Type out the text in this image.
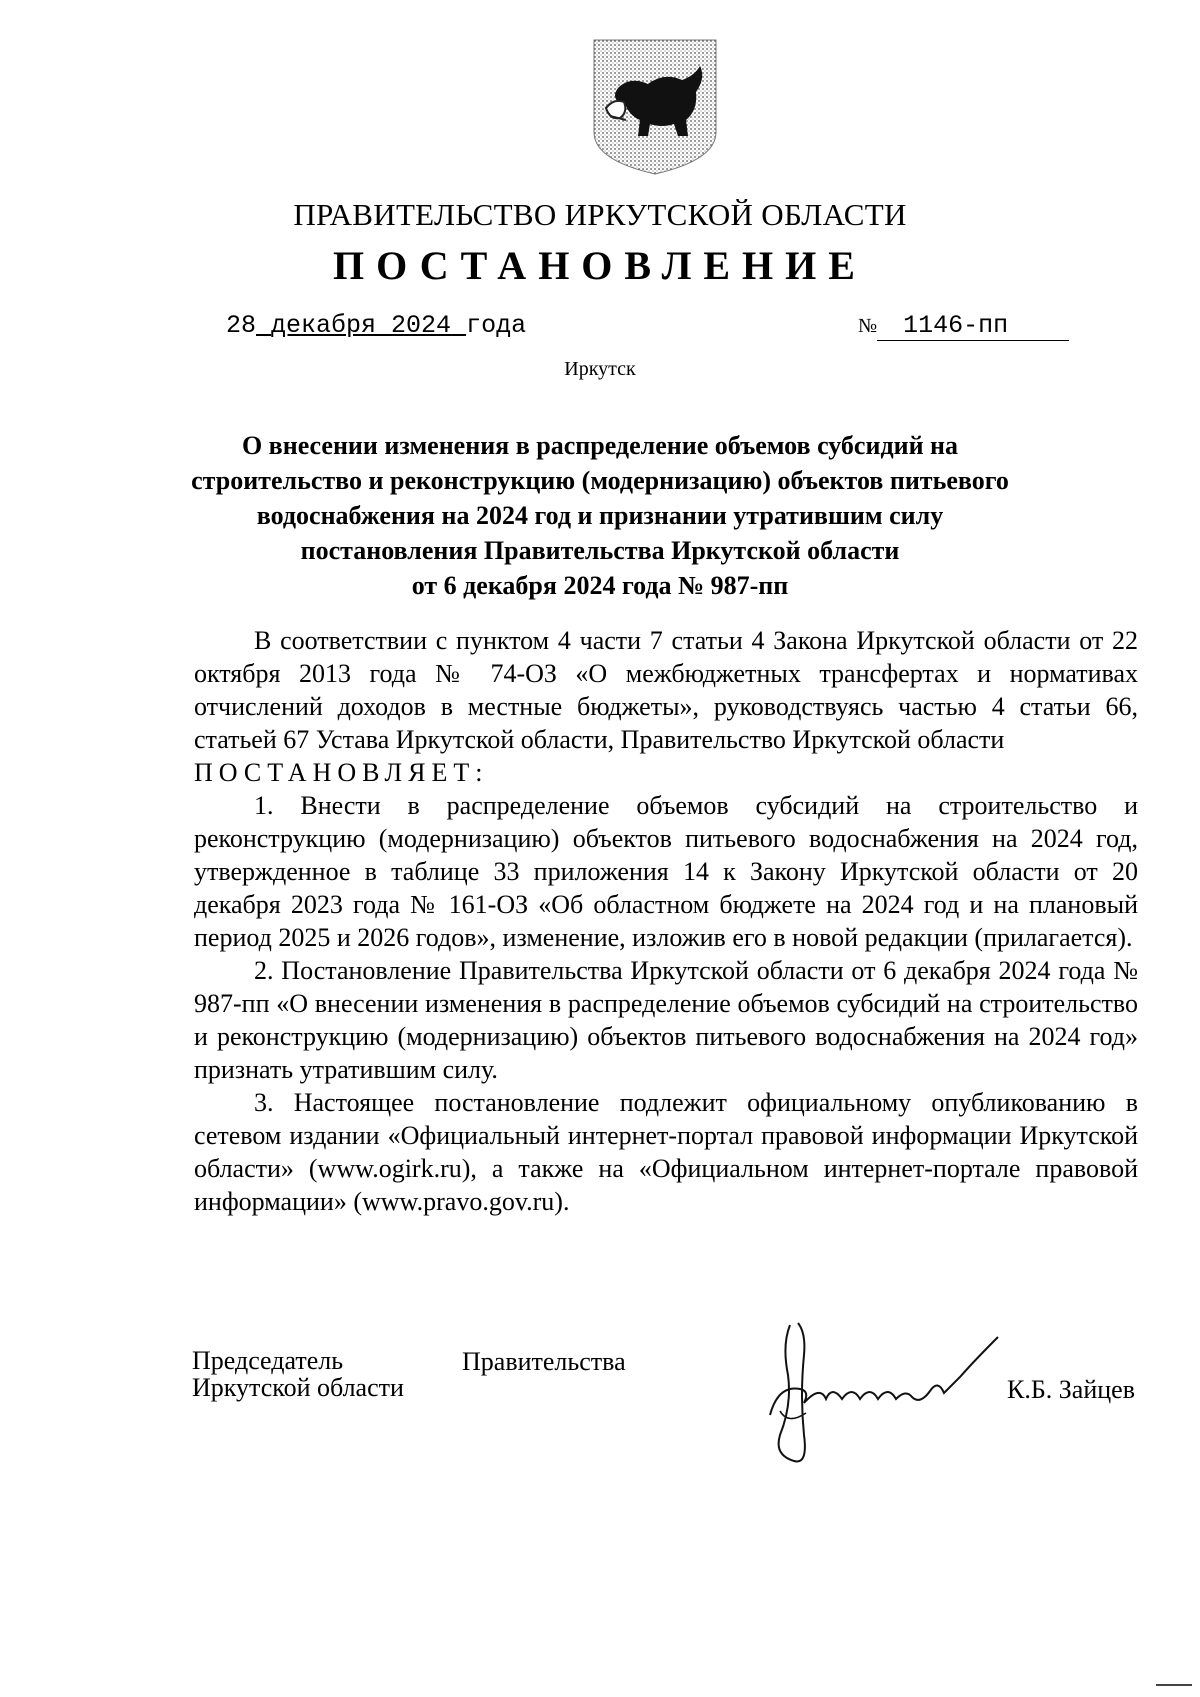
ПРАВИТЕЛЬСТВО ИРКУТСКОЙ ОБЛАСТИ
ПОСТАНОВЛЕНИЕ
28 декабря 2024 года	№ 1146-пп
Иркутск
О внесении изменения в распределение объемов субсидий на
строительство и реконструкцию (модернизацию) объектов питьевого
водоснабжения на 2024 год и признании утратившим силу
постановления Правительства Иркутской области
от 6 декабря 2024 года № 987-пп

В соответствии с пунктом 4 части 7 статьи 4 Закона Иркутской области от 22 октября 2013 года № 74-ОЗ «О межбюджетных трансфертах и нормативах отчислений доходов в местные бюджеты», руководствуясь частью 4 статьи 66, статьей 67 Устава Иркутской области, Правительство Иркутской области

ПОСТАНОВЛЯЕТ:

1. Внести в распределение объемов субсидий на строительство и реконструкцию (модернизацию) объектов питьевого водоснабжения на 2024 год, утвержденное в таблице 33 приложения 14 к Закону Иркутской области от 20 декабря 2023 года № 161-ОЗ «Об областном бюджете на 2024 год и на плановый период 2025 и 2026 годов», изменение, изложив его в новой редакции (прилагается).

2. Постановление Правительства Иркутской области от 6 декабря 2024 года № 987-пп «О внесении изменения в распределение объемов субсидий на строительство и реконструкцию (модернизацию) объектов питьевого водоснабжения на 2024 год» признать утратившим силу.

3. Настоящее постановление подлежит официальному опубликованию в сетевом издании «Официальный интернет-портал правовой информации Иркутской области» (www.ogirk.ru), а также на «Официальном интернет-портале правовой информации» (www.pravo.gov.ru).

Председатель
Иркутской области
Правительства
К.Б. Зайцев
